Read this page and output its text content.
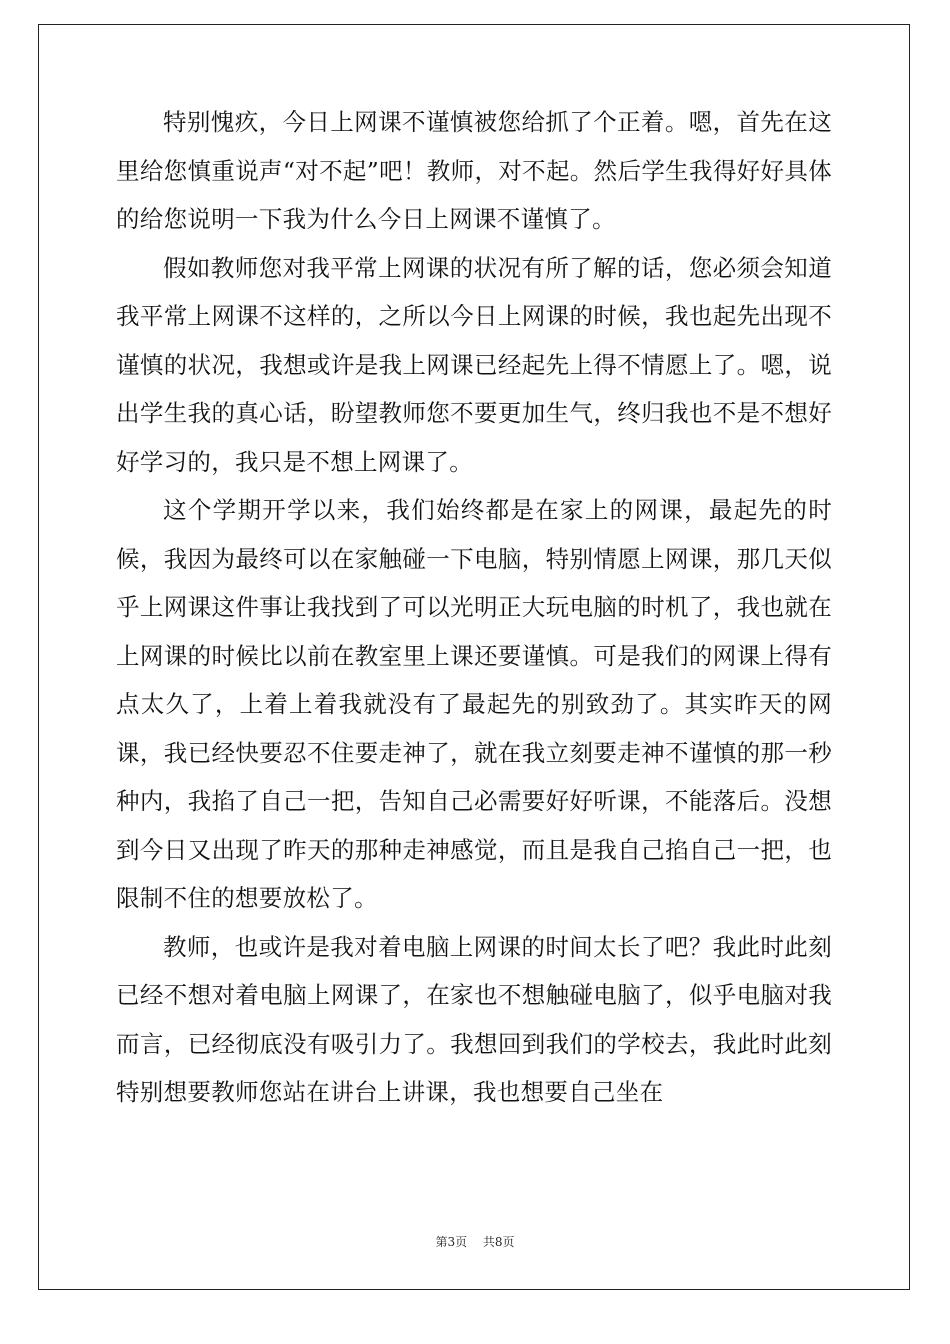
特别愧疚，今日上网课不谨慎被您给抓了个正着。嗯，首先在这里给您慎重说声“对不起”吧！教师，对不起。然后学生我得好好具体的给您说明一下我为什么今日上网课不谨慎了。

假如教师您对我平常上网课的状况有所了解的话，您必须会知道我平常上网课不这样的，之所以今日上网课的时候，我也起先出现不谨慎的状况，我想或许是我上网课已经起先上得不情愿上了。嗯，说出学生我的真心话，盼望教师您不要更加生气，终归我也不是不想好好学习的，我只是不想上网课了。

这个学期开学以来，我们始终都是在家上的网课，最起先的时候，我因为最终可以在家触碰一下电脑，特别情愿上网课，那几天似乎上网课这件事让我找到了可以光明正大玩电脑的时机了，我也就在上网课的时候比以前在教室里上课还要谨慎。可是我们的网课上得有点太久了，上着上着我就没有了最起先的别致劲了。其实昨天的网课，我已经快要忍不住要走神了，就在我立刻要走神不谨慎的那一秒种内，我掐了自己一把，告知自己必需要好好听课，不能落后。没想到今日又出现了昨天的那种走神感觉，而且是我自己掐自己一把，也限制不住的想要放松了。

教师，也或许是我对着电脑上网课的时间太长了吧？我此时此刻已经不想对着电脑上网课了，在家也不想触碰电脑了，似乎电脑对我而言，已经彻底没有吸引力了。我想回到我们的学校去，我此时此刻特别想要教师您站在讲台上讲课，我也想要自己坐在

第3页 共8页
